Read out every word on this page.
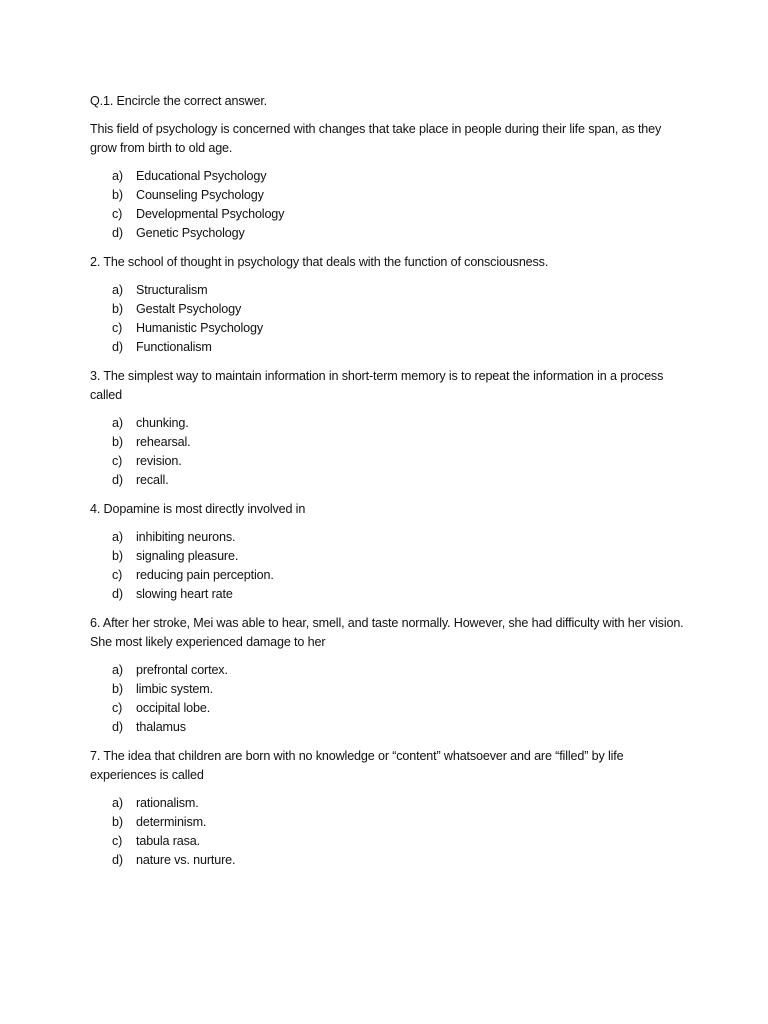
Q.1. Encircle the correct answer.

This field of psychology is concerned with changes that take place in people during their life span, as they grow from birth to old age.

a)	Educational Psychology
b)	Counseling Psychology
c)	Developmental Psychology
d)	Genetic Psychology

2. The school of thought in psychology that deals with the function of consciousness.

a)	Structuralism
b)	Gestalt Psychology
c)	Humanistic Psychology
d)	Functionalism

3. The simplest way to maintain information in short-term memory is to repeat the information in a process called

a)	chunking.
b)	rehearsal.
c)	revision.
d)	recall.

4. Dopamine is most directly involved in

a)	inhibiting neurons.
b)	signaling pleasure.
c)	reducing pain perception.
d)	slowing heart rate

6. After her stroke, Mei was able to hear, smell, and taste normally. However, she had difficulty with her vision. She most likely experienced damage to her

a)	prefrontal cortex.
b)	limbic system.
c)	occipital lobe.
d)	thalamus

7. The idea that children are born with no knowledge or “content” whatsoever and are “filled” by life experiences is called

a)	rationalism.
b)	determinism.
c)	tabula rasa.
d)	nature vs. nurture.
